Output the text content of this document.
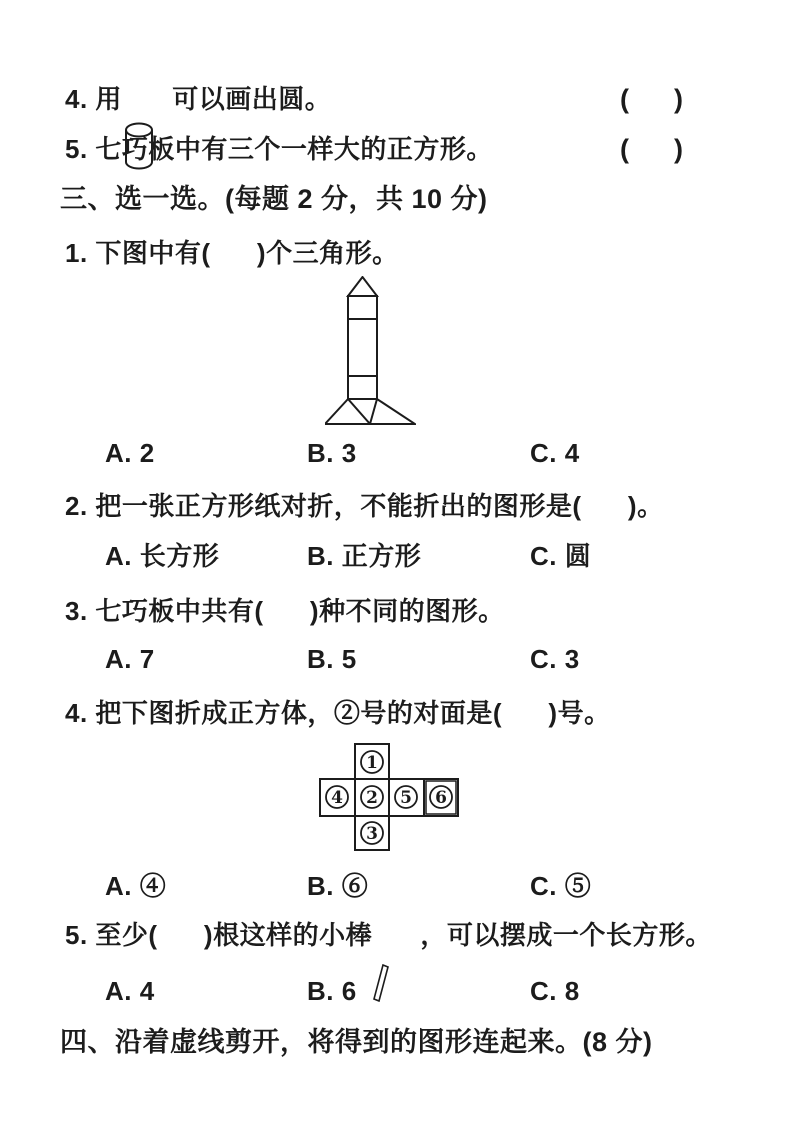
4. 用

可以画出圆。	(      )
5. 七巧板中有三个一样大的正方形。	(      )
三、选一选。(每题 2 分，共 10 分)
1. 下图中有(      )个三角形。
A. 2	B. 3	C. 4
2. 把一张正方形纸对折，不能折出的图形是(      )。
A. 长方形	B. 正方形	C. 圆
3. 七巧板中共有(      )种不同的图形。
A. 7	B. 5	C. 3
4. 把下图折成正方体，②号的对面是(      )号。
1
4 2 5 6
3
A. ④	B. ⑥	C. ⑤
5. 至少(      )根这样的小棒

，可以摆成一个长方形。
A. 4	B. 6	C. 8
四、沿着虚线剪开，将得到的图形连起来。(8 分)
